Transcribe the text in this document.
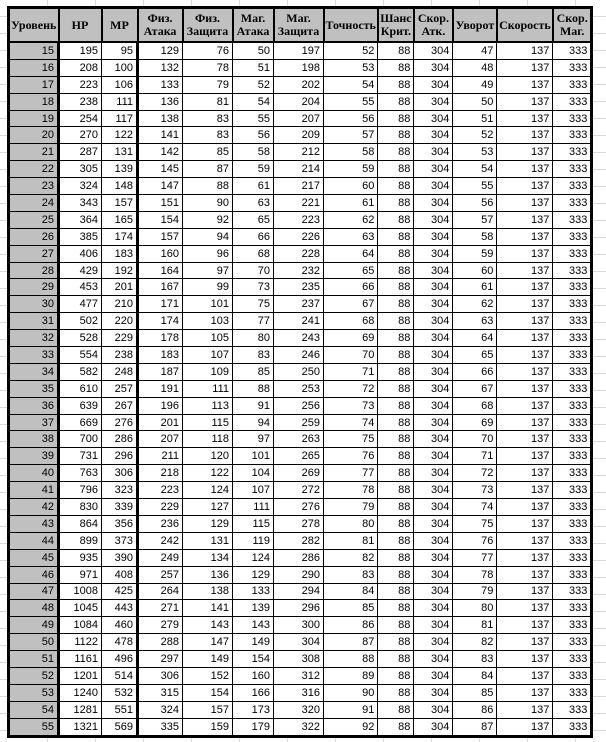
Уровень	HP	MP	Физ. Атака	Физ. Защита	Маг. Атака	Маг. Защита	Точность	Шанс Крит.	Скор. Атк.	Уворот	Скорость	Скор. Маг.
15	195	95	129	76	50	197	52	88	304	47	137	333
16	208	100	132	78	51	198	53	88	304	48	137	333
17	223	106	133	79	52	202	54	88	304	49	137	333
18	238	111	136	81	54	204	55	88	304	50	137	333
19	254	117	138	83	55	207	56	88	304	51	137	333
20	270	122	141	83	56	209	57	88	304	52	137	333
21	287	131	142	85	58	212	58	88	304	53	137	333
22	305	139	145	87	59	214	59	88	304	54	137	333
23	324	148	147	88	61	217	60	88	304	55	137	333
24	343	157	151	90	63	221	61	88	304	56	137	333
25	364	165	154	92	65	223	62	88	304	57	137	333
26	385	174	157	94	66	226	63	88	304	58	137	333
27	406	183	160	96	68	228	64	88	304	59	137	333
28	429	192	164	97	70	232	65	88	304	60	137	333
29	453	201	167	99	73	235	66	88	304	61	137	333
30	477	210	171	101	75	237	67	88	304	62	137	333
31	502	220	174	103	77	241	68	88	304	63	137	333
32	528	229	178	105	80	243	69	88	304	64	137	333
33	554	238	183	107	83	246	70	88	304	65	137	333
34	582	248	187	109	85	250	71	88	304	66	137	333
35	610	257	191	111	88	253	72	88	304	67	137	333
36	639	267	196	113	91	256	73	88	304	68	137	333
37	669	276	201	115	94	259	74	88	304	69	137	333
38	700	286	207	118	97	263	75	88	304	70	137	333
39	731	296	211	120	101	265	76	88	304	71	137	333
40	763	306	218	122	104	269	77	88	304	72	137	333
41	796	323	223	124	107	272	78	88	304	73	137	333
42	830	339	229	127	111	276	79	88	304	74	137	333
43	864	356	236	129	115	278	80	88	304	75	137	333
44	899	373	242	131	119	282	81	88	304	76	137	333
45	935	390	249	134	124	286	82	88	304	77	137	333
46	971	408	257	136	129	290	83	88	304	78	137	333
47	1008	425	264	138	133	294	84	88	304	79	137	333
48	1045	443	271	141	139	296	85	88	304	80	137	333
49	1084	460	279	143	143	300	86	88	304	81	137	333
50	1122	478	288	147	149	304	87	88	304	82	137	333
51	1161	496	297	149	154	308	88	88	304	83	137	333
52	1201	514	306	152	160	312	89	88	304	84	137	333
53	1240	532	315	154	166	316	90	88	304	85	137	333
54	1281	551	324	157	173	320	91	88	304	86	137	333
55	1321	569	335	159	179	322	92	88	304	87	137	333
